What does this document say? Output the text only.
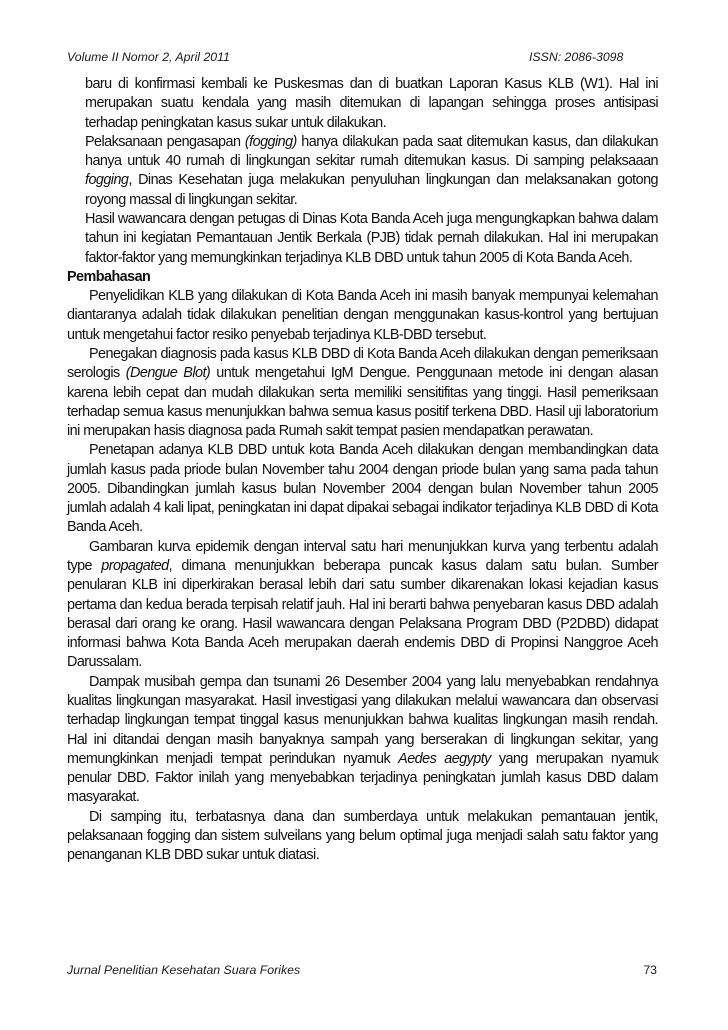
Volume II Nomor 2, April 2011	ISSN: 2086-3098

baru di konfirmasi kembali ke Puskesmas dan di buatkan Laporan Kasus KLB (W1). Hal ini merupakan suatu kendala yang masih ditemukan di lapangan sehingga proses antisipasi terhadap peningkatan kasus sukar untuk dilakukan.

Pelaksanaan pengasapan (fogging) hanya dilakukan pada saat ditemukan kasus, dan dilakukan hanya untuk 40 rumah di lingkungan sekitar rumah ditemukan kasus. Di samping pelaksaaan fogging, Dinas Kesehatan juga melakukan penyuluhan lingkungan dan melaksanakan gotong royong massal di lingkungan sekitar.

Hasil wawancara dengan petugas di Dinas Kota Banda Aceh juga mengungkapkan bahwa dalam tahun ini kegiatan Pemantauan Jentik Berkala (PJB) tidak pernah dilakukan. Hal ini merupakan faktor-faktor yang memungkinkan terjadinya KLB DBD untuk tahun 2005 di Kota Banda Aceh.

Pembahasan

Penyelidikan KLB yang dilakukan di Kota Banda Aceh ini masih banyak mempunyai kelemahan diantaranya adalah tidak dilakukan penelitian dengan menggunakan kasus-kontrol yang bertujuan untuk mengetahui factor resiko penyebab terjadinya KLB-DBD tersebut.

Penegakan diagnosis pada kasus KLB DBD di Kota Banda Aceh dilakukan dengan pemeriksaan serologis (Dengue Blot) untuk mengetahui IgM Dengue. Penggunaan metode ini dengan alasan karena lebih cepat dan mudah dilakukan serta memiliki sensitifitas yang tinggi. Hasil pemeriksaan terhadap semua kasus menunjukkan bahwa semua kasus positif terkena DBD. Hasil uji laboratorium ini merupakan hasis diagnosa pada Rumah sakit tempat pasien mendapatkan perawatan.

Penetapan adanya KLB DBD untuk kota Banda Aceh dilakukan dengan membandingkan data jumlah kasus pada priode bulan November tahu 2004 dengan priode bulan yang sama pada tahun 2005. Dibandingkan jumlah kasus bulan November 2004 dengan bulan November tahun 2005 jumlah adalah 4 kali lipat, peningkatan ini dapat dipakai sebagai indikator terjadinya KLB DBD di Kota Banda Aceh.

Gambaran kurva epidemik dengan interval satu hari menunjukkan kurva yang terbentu adalah type propagated, dimana menunjukkan beberapa puncak kasus dalam satu bulan. Sumber penularan KLB ini diperkirakan berasal lebih dari satu sumber dikarenakan lokasi kejadian kasus pertama dan kedua berada terpisah relatif jauh. Hal ini berarti bahwa penyebaran kasus DBD adalah berasal dari orang ke orang. Hasil wawancara dengan Pelaksana Program DBD (P2DBD) didapat informasi bahwa Kota Banda Aceh merupakan daerah endemis DBD di Propinsi Nanggroe Aceh Darussalam.

Dampak musibah gempa dan tsunami 26 Desember 2004 yang lalu menyebabkan rendahnya kualitas lingkungan masyarakat. Hasil investigasi yang dilakukan melalui wawancara dan observasi terhadap lingkungan tempat tinggal kasus menunjukkan bahwa kualitas lingkungan masih rendah. Hal ini ditandai dengan masih banyaknya sampah yang berserakan di lingkungan sekitar, yang memungkinkan menjadi tempat perindukan nyamuk Aedes aegypty yang merupakan nyamuk penular DBD. Faktor inilah yang menyebabkan terjadinya peningkatan jumlah kasus DBD dalam masyarakat.

Di samping itu, terbatasnya dana dan sumberdaya untuk melakukan pemantauan jentik, pelaksanaan fogging dan sistem sulveilans yang belum optimal juga menjadi salah satu faktor yang penanganan KLB DBD sukar untuk diatasi.

Jurnal Penelitian Kesehatan Suara Forikes	73
